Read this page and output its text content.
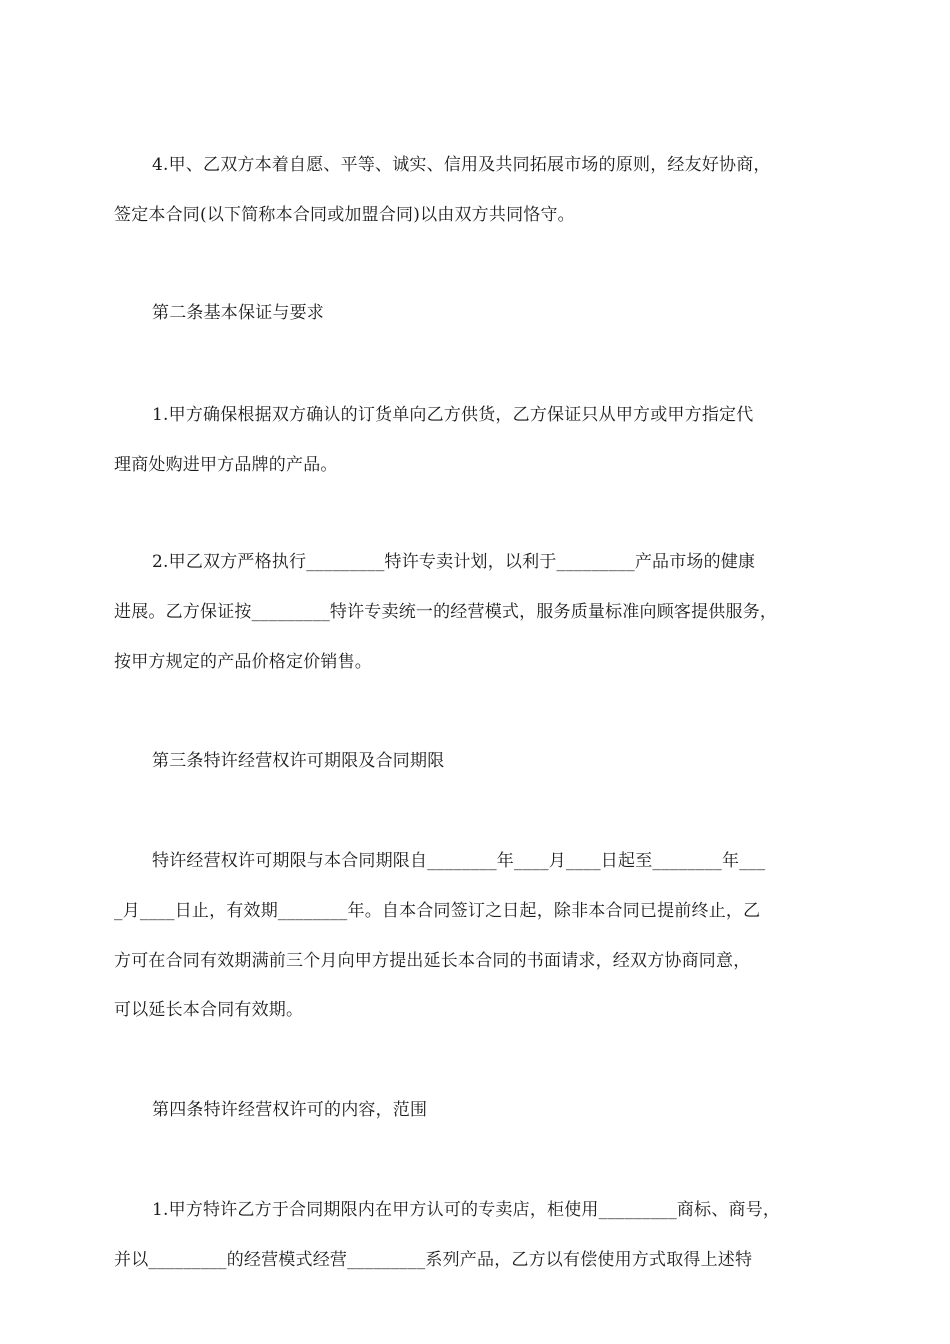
4.甲、乙双方本着自愿、平等、诚实、信用及共同拓展市场的原则，经友好协商，
签定本合同(以下简称本合同或加盟合同)以由双方共同恪守。
第二条基本保证与要求
1.甲方确保根据双方确认的订货单向乙方供货，乙方保证只从甲方或甲方指定代
理商处购进甲方品牌的产品。
2.甲乙双方严格执行_________特许专卖计划，以利于_________产品市场的健康
进展。乙方保证按_________特许专卖统一的经营模式，服务质量标准向顾客提供服务，
按甲方规定的产品价格定价销售。
第三条特许经营权许可期限及合同期限
特许经营权许可期限与本合同期限自________年____月____日起至________年___
_月____日止，有效期________年。自本合同签订之日起，除非本合同已提前终止，乙
方可在合同有效期满前三个月向甲方提出延长本合同的书面请求，经双方协商同意，
可以延长本合同有效期。
第四条特许经营权许可的内容，范围
1.甲方特许乙方于合同期限内在甲方认可的专卖店，柜使用_________商标、商号，
并以_________的经营模式经营_________系列产品，乙方以有偿使用方式取得上述特
